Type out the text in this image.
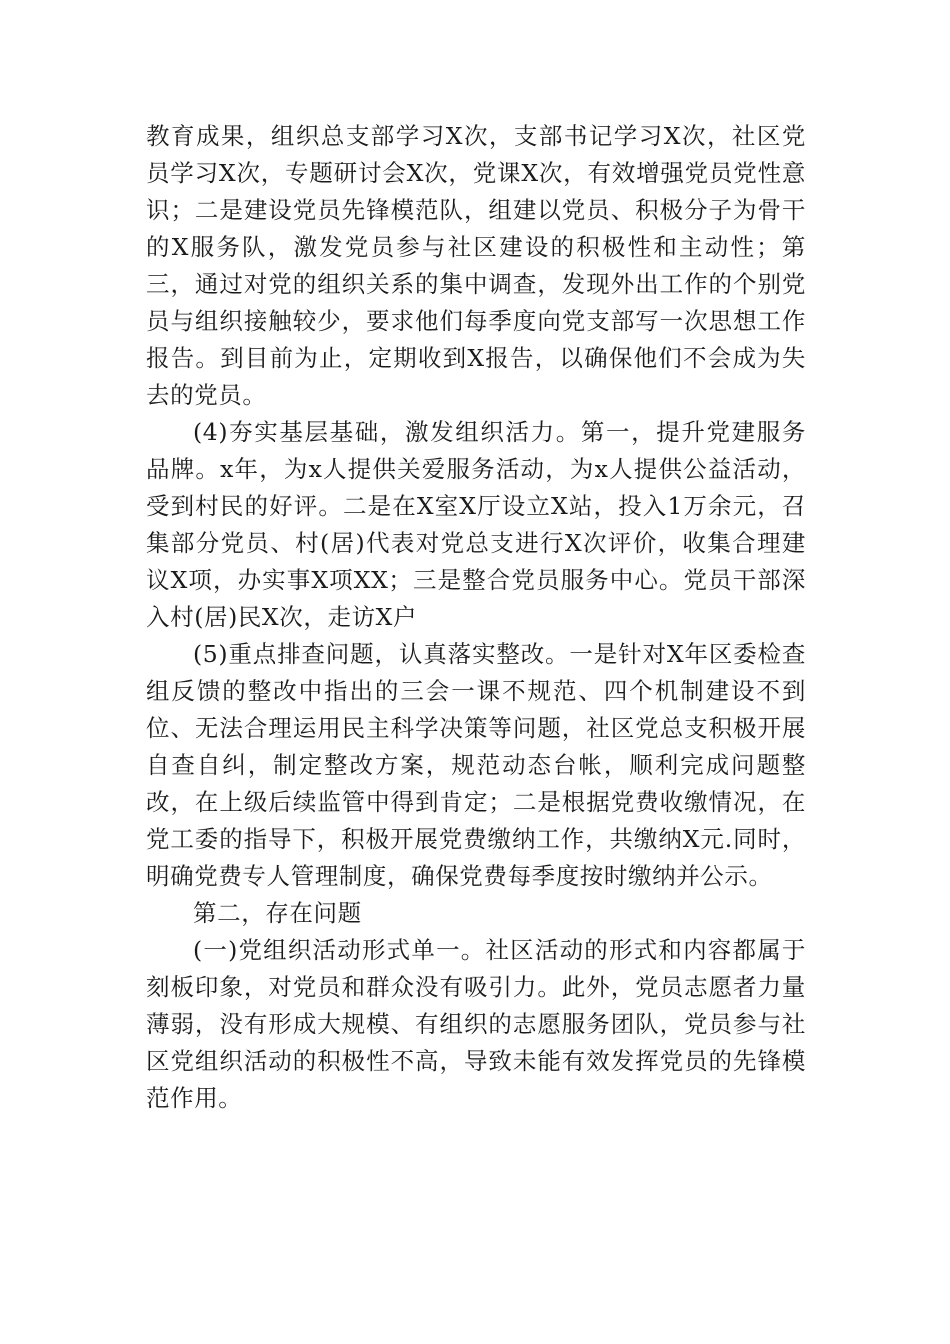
教育成果，组织总支部学习X次，支部书记学习X次，社区党员学习X次，专题研讨会X次，党课X次，有效增强党员党性意识；二是建设党员先锋模范队，组建以党员、积极分子为骨干的X服务队，激发党员参与社区建设的积极性和主动性；第三，通过对党的组织关系的集中调查，发现外出工作的个别党员与组织接触较少，要求他们每季度向党支部写一次思想工作报告。到目前为止，定期收到X报告，以确保他们不会成为失去的党员。

(4)夯实基层基础，激发组织活力。第一，提升党建服务品牌。x年，为x人提供关爱服务活动，为x人提供公益活动，受到村民的好评。二是在X室X厅设立X站，投入1万余元，召集部分党员、村(居)代表对党总支进行X次评价，收集合理建议X项，办实事X项XX；三是整合党员服务中心。党员干部深入村(居)民X次，走访X户

(5)重点排查问题，认真落实整改。一是针对X年区委检查组反馈的整改中指出的三会一课不规范、四个机制建设不到位、无法合理运用民主科学决策等问题，社区党总支积极开展自查自纠，制定整改方案，规范动态台帐，顺利完成问题整改，在上级后续监管中得到肯定；二是根据党费收缴情况，在党工委的指导下，积极开展党费缴纳工作，共缴纳X元.同时，明确党费专人管理制度，确保党费每季度按时缴纳并公示。

第二，存在问题

(一)党组织活动形式单一。社区活动的形式和内容都属于刻板印象，对党员和群众没有吸引力。此外，党员志愿者力量薄弱，没有形成大规模、有组织的志愿服务团队，党员参与社区党组织活动的积极性不高，导致未能有效发挥党员的先锋模范作用。
